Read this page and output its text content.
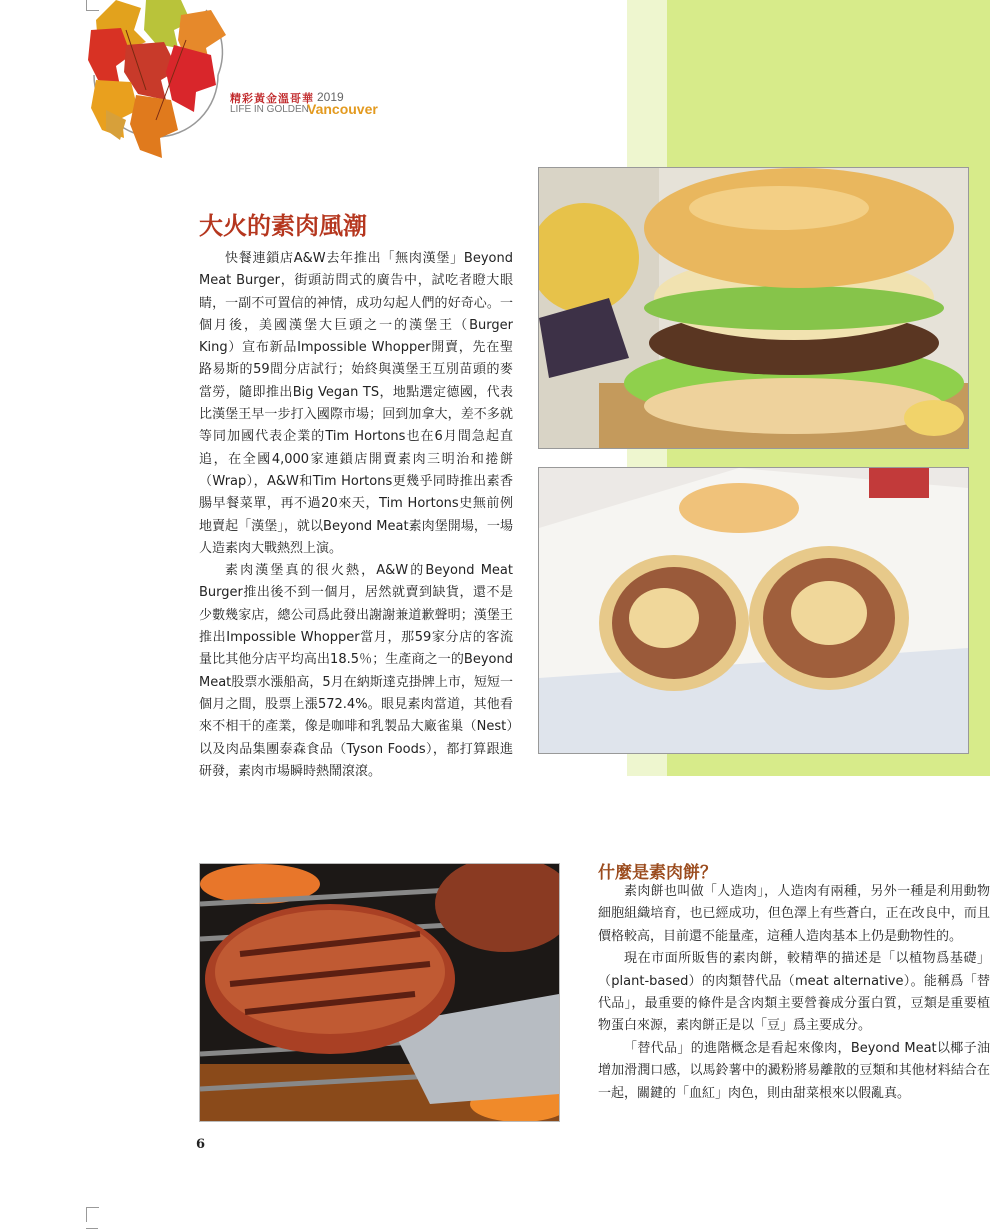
精彩黃金溫哥華 2019
LIFE IN GOLDEN
Vancouver
大火的素肉風潮

快餐連鎖店A&W去年推出「無肉漢堡」Beyond Meat Burger，街頭訪問式的廣告中，試吃者瞪大眼睛，一副不可置信的神情，成功勾起人們的好奇心。一個月後，美國漢堡大巨頭之一的漢堡王（Burger King）宣布新品Impossible Whopper開賣，先在聖路易斯的59間分店試行；始終與漢堡王互別苗頭的麥當勞，隨即推出Big Vegan TS，地點選定德國，代表比漢堡王早一步打入國際市場；回到加拿大，差不多就等同加國代表企業的Tim Hortons也在6月間急起直追，在全國4,000家連鎖店開賣素肉三明治和捲餅（Wrap），A&W和Tim Hortons更幾乎同時推出素香腸早餐菜單，再不過20來天，Tim Hortons史無前例地賣起「漢堡」，就以Beyond Meat素肉堡開場，一場人造素肉大戰熱烈上演。

素肉漢堡真的很火熱，A&W的Beyond Meat Burger推出後不到一個月，居然就賣到缺貨，還不是少數幾家店，總公司爲此發出謝謝兼道歉聲明；漢堡王推出Impossible Whopper當月，那59家分店的客流量比其他分店平均高出18.5％；生產商之一的Beyond Meat股票水漲船高，5月在納斯達克掛牌上市，短短一個月之間，股票上漲572.4%。眼見素肉當道，其他看來不相干的產業，像是咖啡和乳製品大廠雀巢（Nest）以及肉品集團泰森食品（Tyson Foods），都打算跟進研發，素肉市場瞬時熱鬧滾滾。

什麼是素肉餅？

素肉餅也叫做「人造肉」，人造肉有兩種，另外一種是利用動物細胞組織培育，也已經成功，但色澤上有些蒼白，正在改良中，而且價格較高，目前還不能量產，這種人造肉基本上仍是動物性的。

現在市面所販售的素肉餅，較精準的描述是「以植物爲基礎」（plant-based）的肉類替代品（meat alternative）。能稱爲「替代品」，最重要的條件是含肉類主要營養成分蛋白質，豆類是重要植物蛋白來源，素肉餅正是以「豆」爲主要成分。

「替代品」的進階概念是看起來像肉，Beyond Meat以椰子油增加滑潤口感，以馬鈴薯中的澱粉將易離散的豆類和其他材料結合在一起，關鍵的「血紅」肉色，則由甜菜根來以假亂真。

6
